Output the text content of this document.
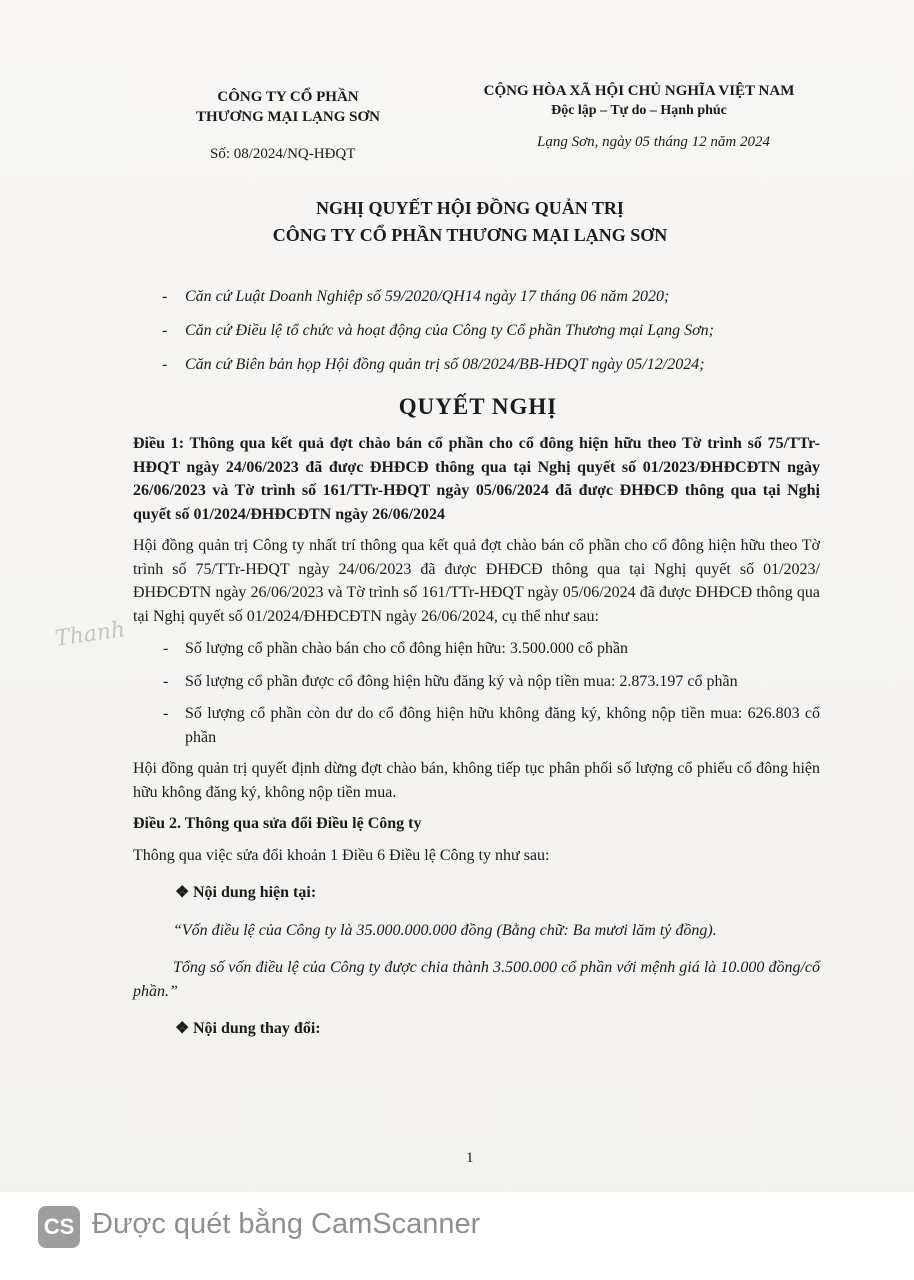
CÔNG TY CỔ PHẦN
THƯƠNG MẠI LẠNG SƠN
CỘNG HÒA XÃ HỘI CHỦ NGHĨA VIỆT NAM
Độc lập – Tự do – Hạnh phúc
Số: 08/2024/NQ-HĐQT
Lạng Sơn, ngày 05 tháng 12 năm 2024
NGHỊ QUYẾT HỘI ĐỒNG QUẢN TRỊ
CÔNG TY CỔ PHẦN THƯƠNG MẠI LẠNG SƠN
- Căn cứ Luật Doanh Nghiệp số 59/2020/QH14 ngày 17 tháng 06 năm 2020;
- Căn cứ Điều lệ tổ chức và hoạt động của Công ty Cổ phần Thương mại Lạng Sơn;
- Căn cứ Biên bản họp Hội đồng quản trị số 08/2024/BB-HĐQT ngày 05/12/2024;
QUYẾT NGHỊ

Điều 1: Thông qua kết quả đợt chào bán cổ phần cho cổ đông hiện hữu theo Tờ trình số 75/TTr-HĐQT ngày 24/06/2023 đã được ĐHĐCĐ thông qua tại Nghị quyết số 01/2023/ĐHĐCĐTN ngày 26/06/2023 và Tờ trình số 161/TTr-HĐQT ngày 05/06/2024 đã được ĐHĐCĐ thông qua tại Nghị quyết số 01/2024/ĐHĐCĐTN ngày 26/06/2024

Hội đồng quản trị Công ty nhất trí thông qua kết quả đợt chào bán cổ phần cho cổ đông hiện hữu theo Tờ trình số 75/TTr-HĐQT ngày 24/06/2023 đã được ĐHĐCĐ thông qua tại Nghị quyết số 01/2023/ĐHĐCĐTN ngày 26/06/2023 và Tờ trình số 161/TTr-HĐQT ngày 05/06/2024 đã được ĐHĐCĐ thông qua tại Nghị quyết số 01/2024/ĐHĐCĐTN ngày 26/06/2024, cụ thể như sau:

- Số lượng cổ phần chào bán cho cổ đông hiện hữu: 3.500.000 cổ phần

- Số lượng cổ phần được cổ đông hiện hữu đăng ký và nộp tiền mua: 2.873.197 cổ phần

- Số lượng cổ phần còn dư do cổ đông hiện hữu không đăng ký, không nộp tiền mua: 626.803 cổ phần

Hội đồng quản trị quyết định dừng đợt chào bán, không tiếp tục phân phối số lượng cổ phiếu cổ đông hiện hữu không đăng ký, không nộp tiền mua.

Điều 2. Thông qua sửa đổi Điều lệ Công ty

Thông qua việc sửa đổi khoản 1 Điều 6 Điều lệ Công ty như sau:

❖ Nội dung hiện tại:

“Vốn điều lệ của Công ty là 35.000.000.000 đồng (Bằng chữ: Ba mươi lăm tỷ đồng).

Tổng số vốn điều lệ của Công ty được chia thành 3.500.000 cổ phần với mệnh giá là 10.000 đồng/cổ phần.”

❖ Nội dung thay đổi:

Thanh
1
CS Được quét bằng CamScanner
